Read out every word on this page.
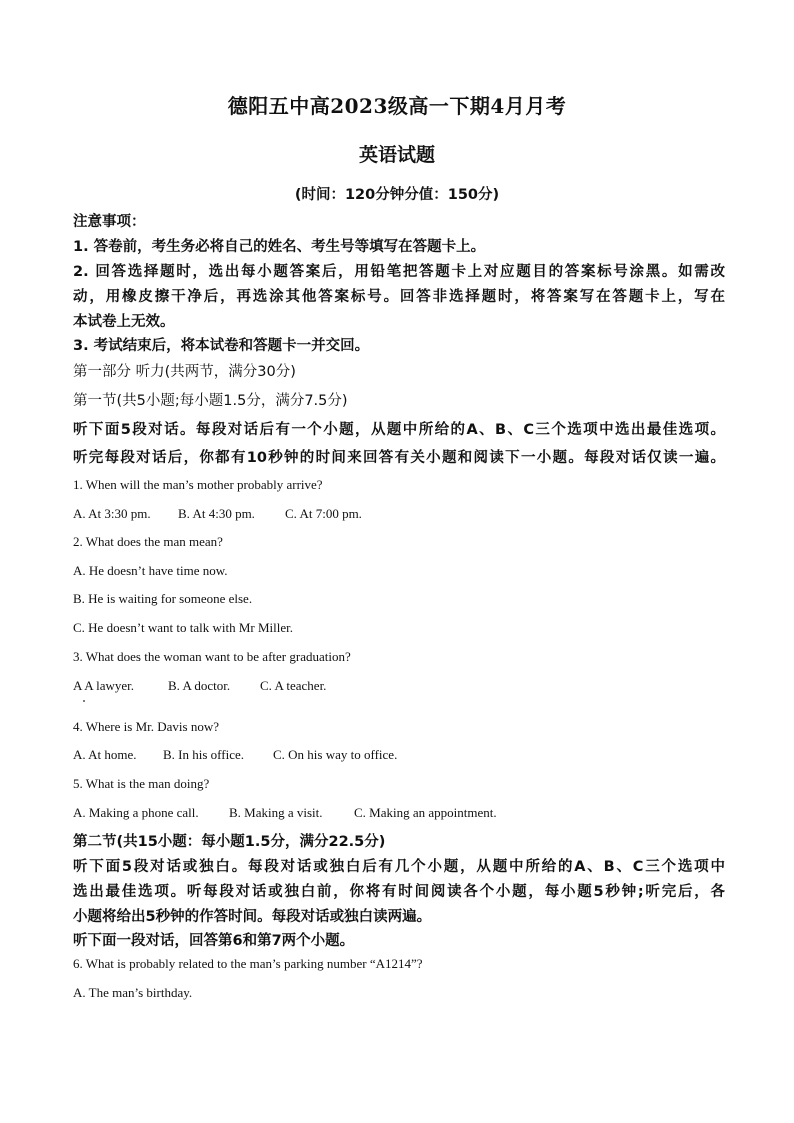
德阳五中高2023级高一下期4月月考
英语试题
(时间：120分钟分值：150分)
注意事项：
1. 答卷前，考生务必将自己的姓名、考生号等填写在答题卡上。
2. 回答选择题时，选出每小题答案后，用铅笔把答题卡上对应题目的答案标号涂黑。如需改
动，用橡皮擦干净后，再选涂其他答案标号。回答非选择题时，将答案写在答题卡上，写在
本试卷上无效。
3. 考试结束后，将本试卷和答题卡一并交回。
第一部分 听力(共两节，满分30分)
第一节(共5小题;每小题1.5分，满分7.5分)
听下面5段对话。每段对话后有一个小题，从题中所给的A、B、C三个选项中选出最佳选项。
听完每段对话后，你都有10秒钟的时间来回答有关小题和阅读下一小题。每段对话仅读一遍。
1. When will the man’s mother probably arrive?
A. At 3:30 pm. B. At 4:30 pm. C. At 7:00 pm.
2. What does the man mean?
A. He doesn’t have time now.
B. He is waiting for someone else.
C. He doesn’t want to talk with Mr Miller.
3. What does the woman want to be after graduation?
A A lawyer.	B. A doctor. C. A teacher.
4. Where is Mr. Davis now?
A. At home. B. In his office. C. On his way to office.
5. What is the man doing?
A. Making a phone call. B. Making a visit. C. Making an appointment.
第二节(共15小题：每小题1.5分，满分22.5分)
听下面5段对话或独白。每段对话或独白后有几个小题，从题中所给的A、B、C三个选项中
选出最佳选项。听每段对话或独白前，你将有时间阅读各个小题，每小题5秒钟;听完后，各
小题将给出5秒钟的作答时间。每段对话或独白读两遍。
听下面一段对话，回答第6和第7两个小题。
6. What is probably related to the man’s parking number “A1214”?
A. The man’s birthday.
